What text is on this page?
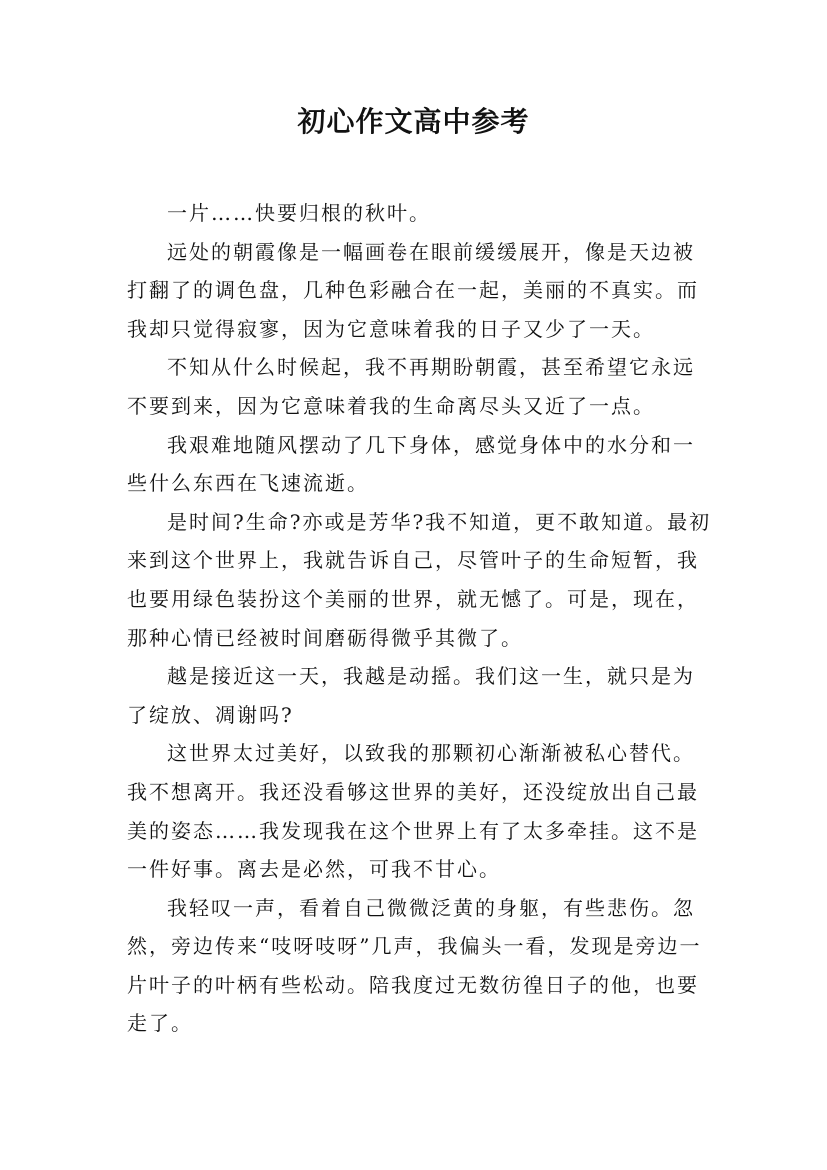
初心作文高中参考

一片……快要归根的秋叶。

远处的朝霞像是一幅画卷在眼前缓缓展开，像是天边被打翻了的调色盘，几种色彩融合在一起，美丽的不真实。而我却只觉得寂寥，因为它意味着我的日子又少了一天。

不知从什么时候起，我不再期盼朝霞，甚至希望它永远不要到来，因为它意味着我的生命离尽头又近了一点。

我艰难地随风摆动了几下身体，感觉身体中的水分和一些什么东西在飞速流逝。

是时间?生命?亦或是芳华?我不知道，更不敢知道。最初来到这个世界上，我就告诉自己，尽管叶子的生命短暂，我也要用绿色装扮这个美丽的世界，就无憾了。可是，现在，那种心情已经被时间磨砺得微乎其微了。

越是接近这一天，我越是动摇。我们这一生，就只是为了绽放、凋谢吗?

这世界太过美好，以致我的那颗初心渐渐被私心替代。我不想离开。我还没看够这世界的美好，还没绽放出自己最美的姿态……我发现我在这个世界上有了太多牵挂。这不是一件好事。离去是必然，可我不甘心。

我轻叹一声，看着自己微微泛黄的身躯，有些悲伤。忽然，旁边传来“吱呀吱呀”几声，我偏头一看，发现是旁边一片叶子的叶柄有些松动。陪我度过无数彷徨日子的他，也要走了。
